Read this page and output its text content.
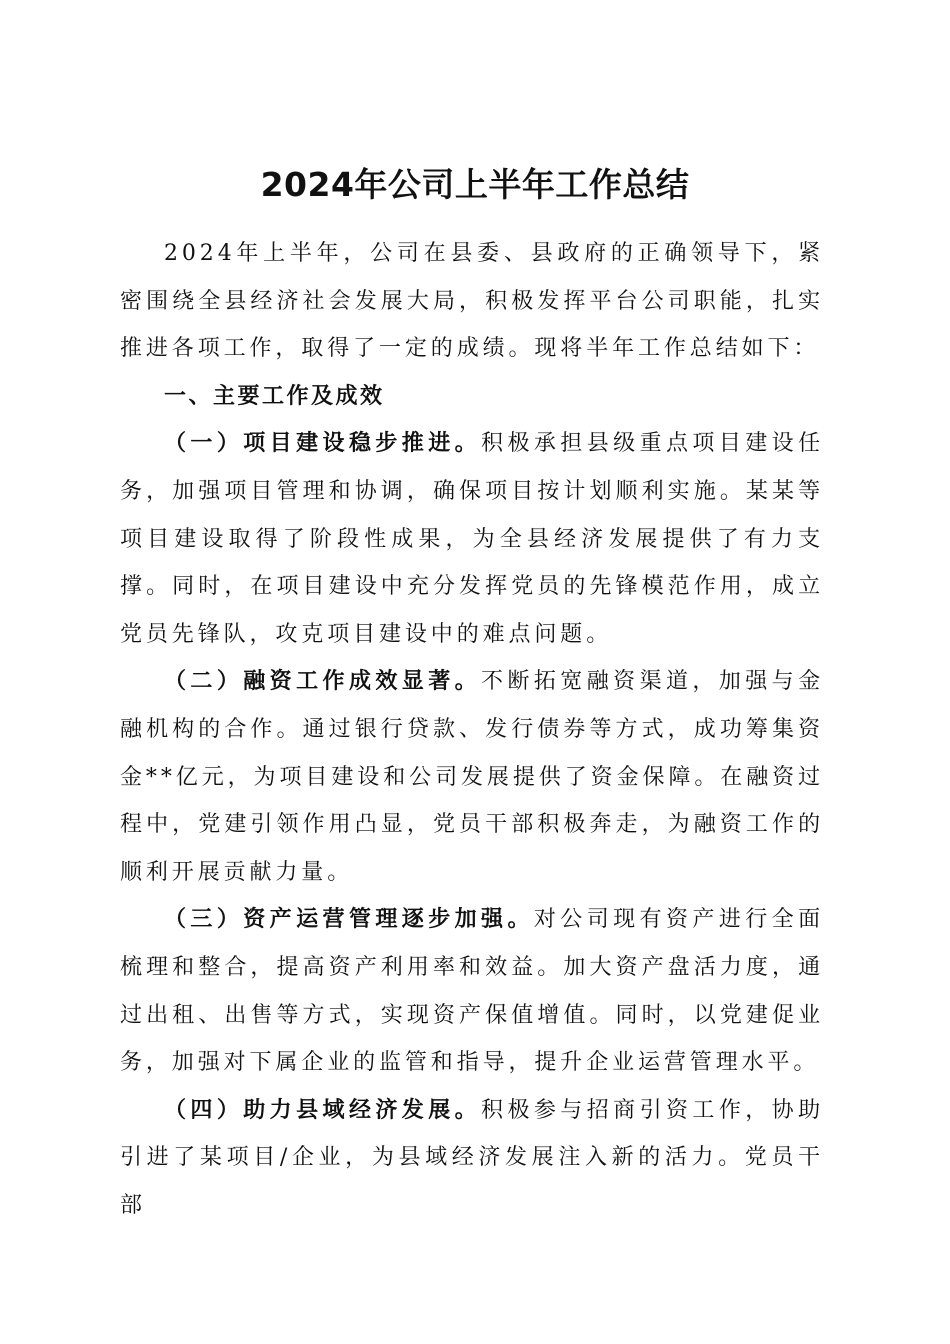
2024年公司上半年工作总结

2024年上半年，公司在县委、县政府的正确领导下，紧密围绕全县经济社会发展大局，积极发挥平台公司职能，扎实推进各项工作，取得了一定的成绩。现将半年工作总结如下：

一、主要工作及成效

（一）项目建设稳步推进。积极承担县级重点项目建设任务，加强项目管理和协调，确保项目按计划顺利实施。某某等项目建设取得了阶段性成果，为全县经济发展提供了有力支撑。同时，在项目建设中充分发挥党员的先锋模范作用，成立党员先锋队，攻克项目建设中的难点问题。

（二）融资工作成效显著。不断拓宽融资渠道，加强与金融机构的合作。通过银行贷款、发行债券等方式，成功筹集资金**亿元，为项目建设和公司发展提供了资金保障。在融资过程中，党建引领作用凸显，党员干部积极奔走，为融资工作的顺利开展贡献力量。

（三）资产运营管理逐步加强。对公司现有资产进行全面梳理和整合，提高资产利用率和效益。加大资产盘活力度，通过出租、出售等方式，实现资产保值增值。同时，以党建促业务，加强对下属企业的监管和指导，提升企业运营管理水平。

（四）助力县域经济发展。积极参与招商引资工作，协助引进了某项目/企业，为县域经济发展注入新的活力。党员干部
